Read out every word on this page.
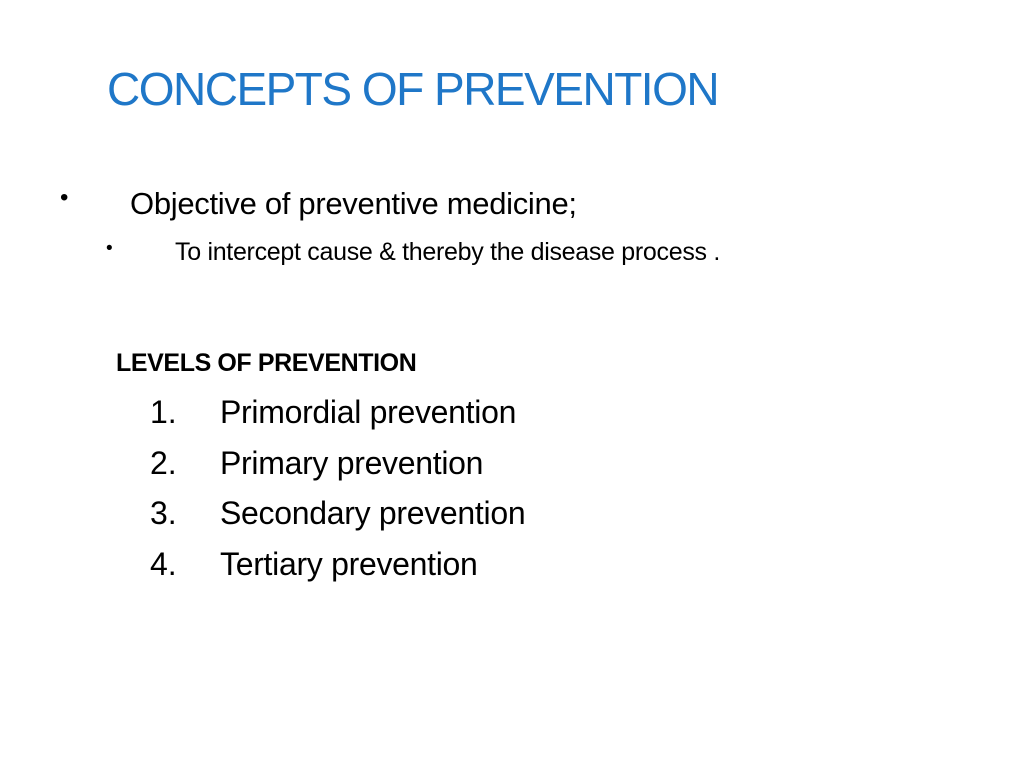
CONCEPTS OF PREVENTION
• Objective of preventive medicine;
• To intercept cause & thereby the disease process .
LEVELS OF PREVENTION
1. Primordial prevention
2. Primary prevention
3. Secondary prevention
4. Tertiary prevention
